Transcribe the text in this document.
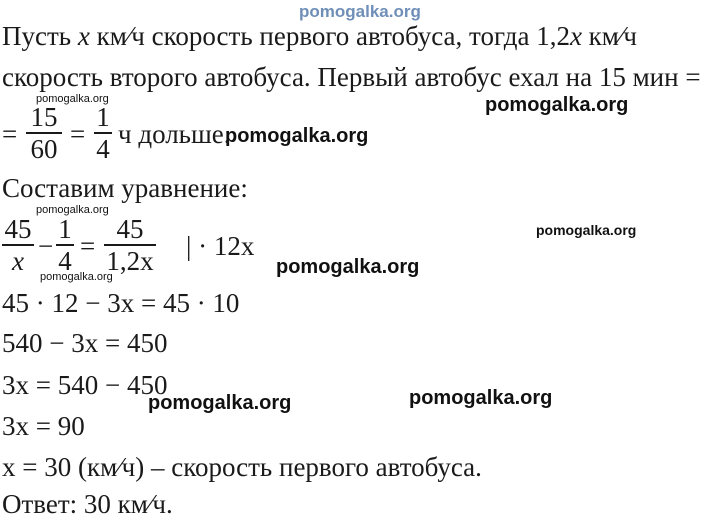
pomogalka.org
pomogalka.org
pomogalka.org
pomogalka.org
pomogalka.org
pomogalka.org
pomogalka.org
pomogalka.org
pomogalka.org	pomogalka.org
Пусть x км⁄ч скорость первого автобуса, тогда 1,2x км⁄ч
скорость второго автобуса. Первый автобус ехал на 15 мин =
=
15
60 =
1
4 ч дольше.
Составим уравнение:
45
x −
1
4 =
45
1,2x | · 12x
45 · 12 − 3x = 45 · 10
540 − 3x = 450
3x = 540 − 450
3x = 90
x = 30 (км⁄ч) – скорость первого автобуса.
Ответ: 30 км⁄ч.
